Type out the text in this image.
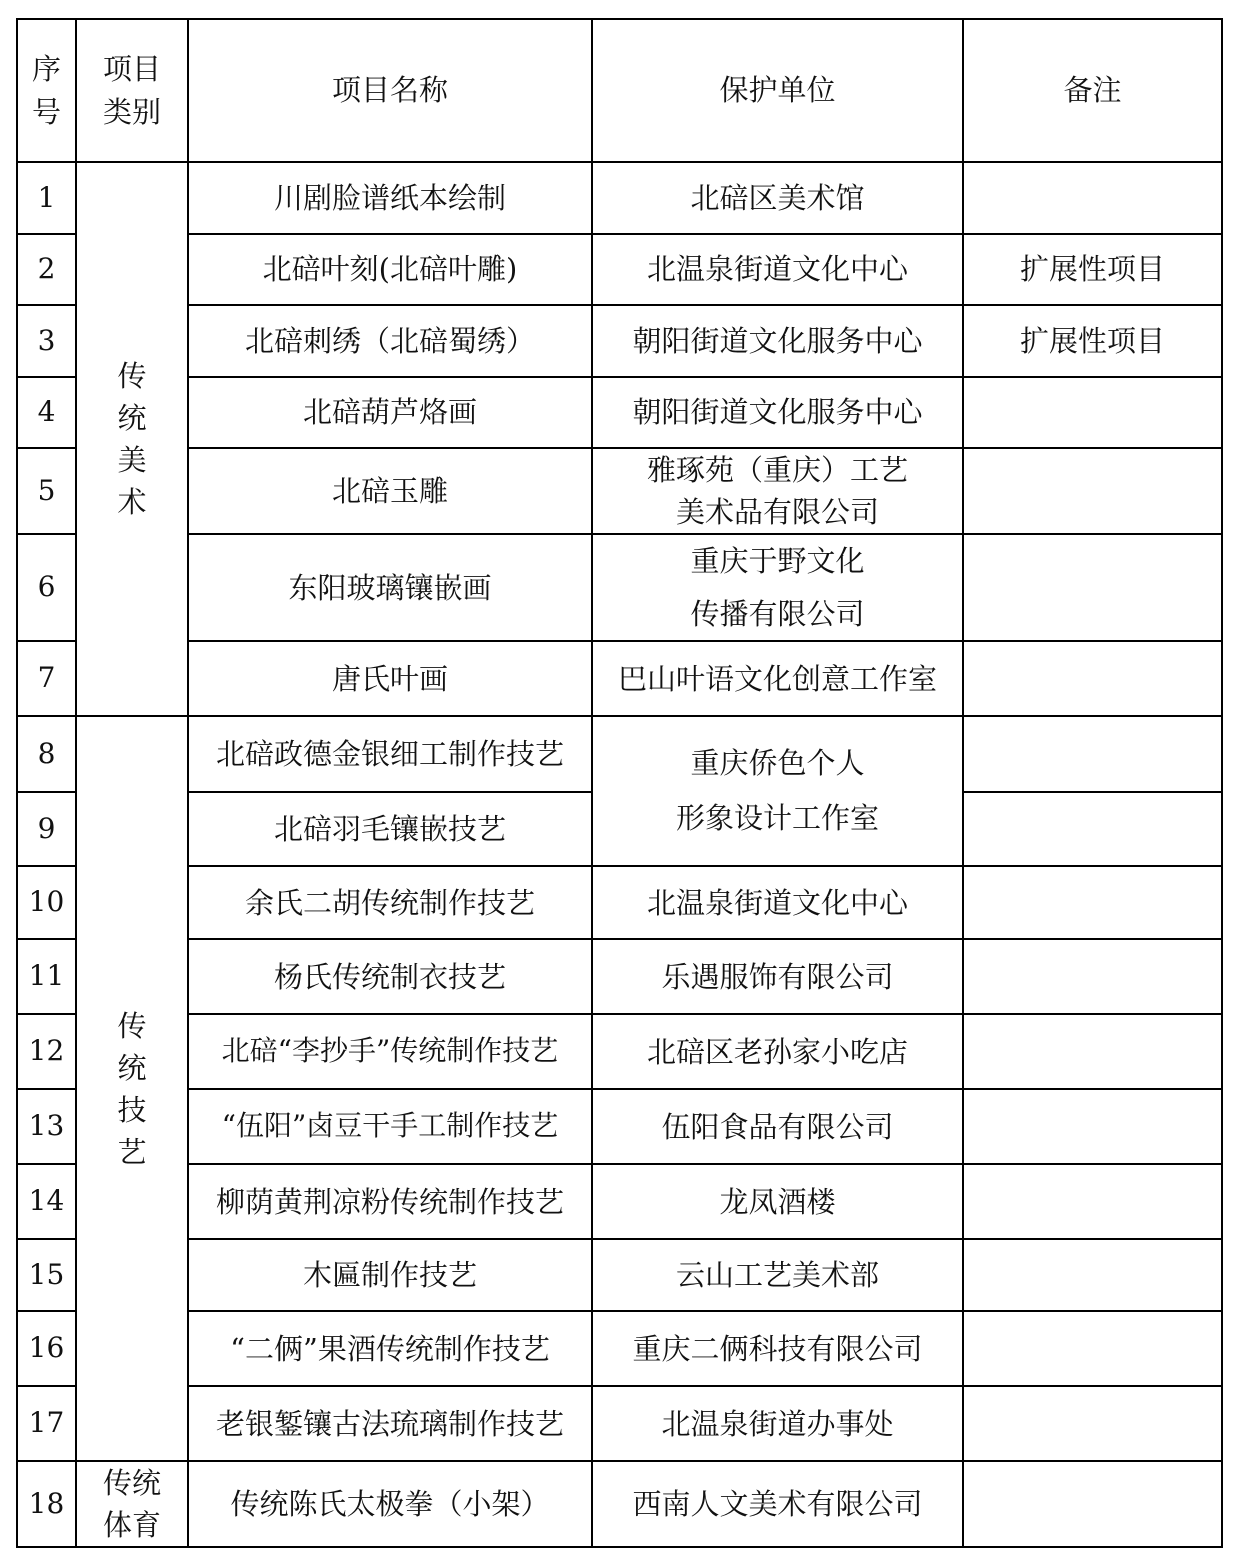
序号	项目类别	项目名称	保护单位	备注
1	传统美术	川剧脸谱纸本绘制	北碚区美术馆	
2		北碚叶刻(北碚叶雕)	北温泉街道文化中心	扩展性项目
3		北碚刺绣（北碚蜀绣）	朝阳街道文化服务中心	扩展性项目
4		北碚葫芦烙画	朝阳街道文化服务中心	
5		北碚玉雕	雅琢苑（重庆）工艺
美术品有限公司	
6		东阳玻璃镶嵌画	重庆于野文化
传播有限公司	
7		唐氏叶画	巴山叶语文化创意工作室	
8	传统技艺	北碚政德金银细工制作技艺	重庆侨色个人
形象设计工作室	
9		北碚羽毛镶嵌技艺		
10		余氏二胡传统制作技艺	北温泉街道文化中心	
11		杨氏传统制衣技艺	乐遇服饰有限公司	
12		北碚“李抄手”传统制作技艺	北碚区老孙家小吃店	
13		“伍阳”卤豆干手工制作技艺	伍阳食品有限公司	
14		柳荫黄荆凉粉传统制作技艺	龙凤酒楼	
15		木匾制作技艺	云山工艺美术部	
16		“二俩”果酒传统制作技艺	重庆二俩科技有限公司	
17		老银錾镶古法琉璃制作技艺	北温泉街道办事处	
18	传统体育	传统陈氏太极拳（小架）	西南人文美术有限公司	
